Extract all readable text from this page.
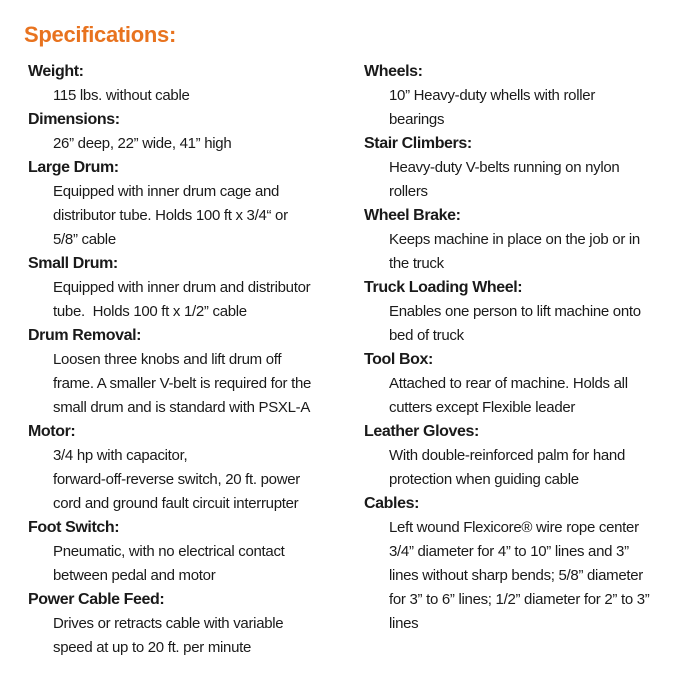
Specifications:
Weight:
115 lbs. without cable
Dimensions:
26” deep, 22” wide, 41” high
Large Drum:
Equipped with inner drum cage and
distributor tube. Holds 100 ft x 3/4“ or
5/8” cable
Small Drum:
Equipped with inner drum and distributor
tube.  Holds 100 ft x 1/2” cable
Drum Removal:
Loosen three knobs and lift drum off
frame. A smaller V-belt is required for the
small drum and is standard with PSXL-A
Motor:
3/4 hp with capacitor,
forward-off-reverse switch, 20 ft. power
cord and ground fault circuit interrupter
Foot Switch:
Pneumatic, with no electrical contact
between pedal and motor
Power Cable Feed:
Drives or retracts cable with variable
speed at up to 20 ft. per minute
Wheels:
10” Heavy-duty whells with roller
bearings
Stair Climbers:
Heavy-duty V-belts running on nylon
rollers
Wheel Brake:
Keeps machine in place on the job or in
the truck
Truck Loading Wheel:
Enables one person to lift machine onto
bed of truck
Tool Box:
Attached to rear of machine. Holds all
cutters except Flexible leader
Leather Gloves:
With double-reinforced palm for hand
protection when guiding cable
Cables:
Left wound Flexicore® wire rope center
3/4” diameter for 4” to 10” lines and 3”
lines without sharp bends; 5/8” diameter
for 3” to 6” lines; 1/2” diameter for 2” to 3”
lines
